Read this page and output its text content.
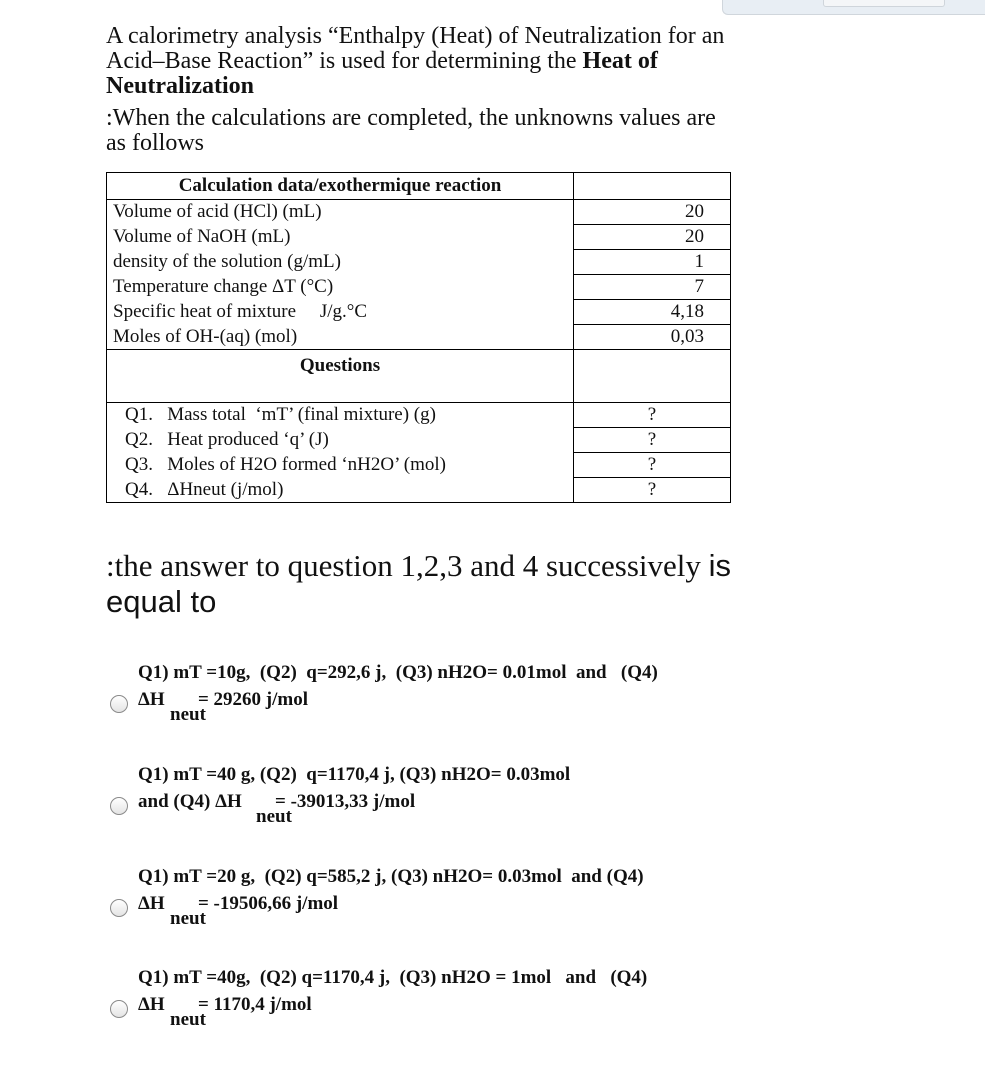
A calorimetry analysis “Enthalpy (Heat) of Neutralization for an
Acid–Base Reaction” is used for determining the Heat of
Neutralization
:When the calculations are completed, the unknowns values are
as follows
Calculation data/exothermique reaction	
Volume of acid (HCl) (mL)	20
Volume of NaOH (mL)	20
density of the solution (g/mL)	1
Temperature change ΔT (°C)	7
Specific heat of mixture     J/g.°C	4,18
Moles of OH-(aq) (mol)	0,03
Questions	
Q1.   Mass total  ‘mT’ (final mixture) (g)	?
Q2.   Heat produced ‘q’ (J)	?
Q3.   Moles of H2O formed ‘nH2O’ (mol)	?
Q4.   ΔHneut (j/mol)	?
:the answer to question 1,2,3 and 4 successively is
equal to
Q1) mT =10g,  (Q2)  q=292,6 j,  (Q3) nH2O= 0.01mol  and   (Q4)
ΔH       = 29260 j/mol
neut
Q1) mT =40 g, (Q2)  q=1170,4 j, (Q3) nH2O= 0.03mol
and (Q4) ΔH       = -39013,33 j/mol
neut
Q1) mT =20 g,  (Q2) q=585,2 j, (Q3) nH2O= 0.03mol  and (Q4)
ΔH       = -19506,66 j/mol
neut
Q1) mT =40g,  (Q2) q=1170,4 j,  (Q3) nH2O = 1mol   and   (Q4)
ΔH       = 1170,4 j/mol
neut
